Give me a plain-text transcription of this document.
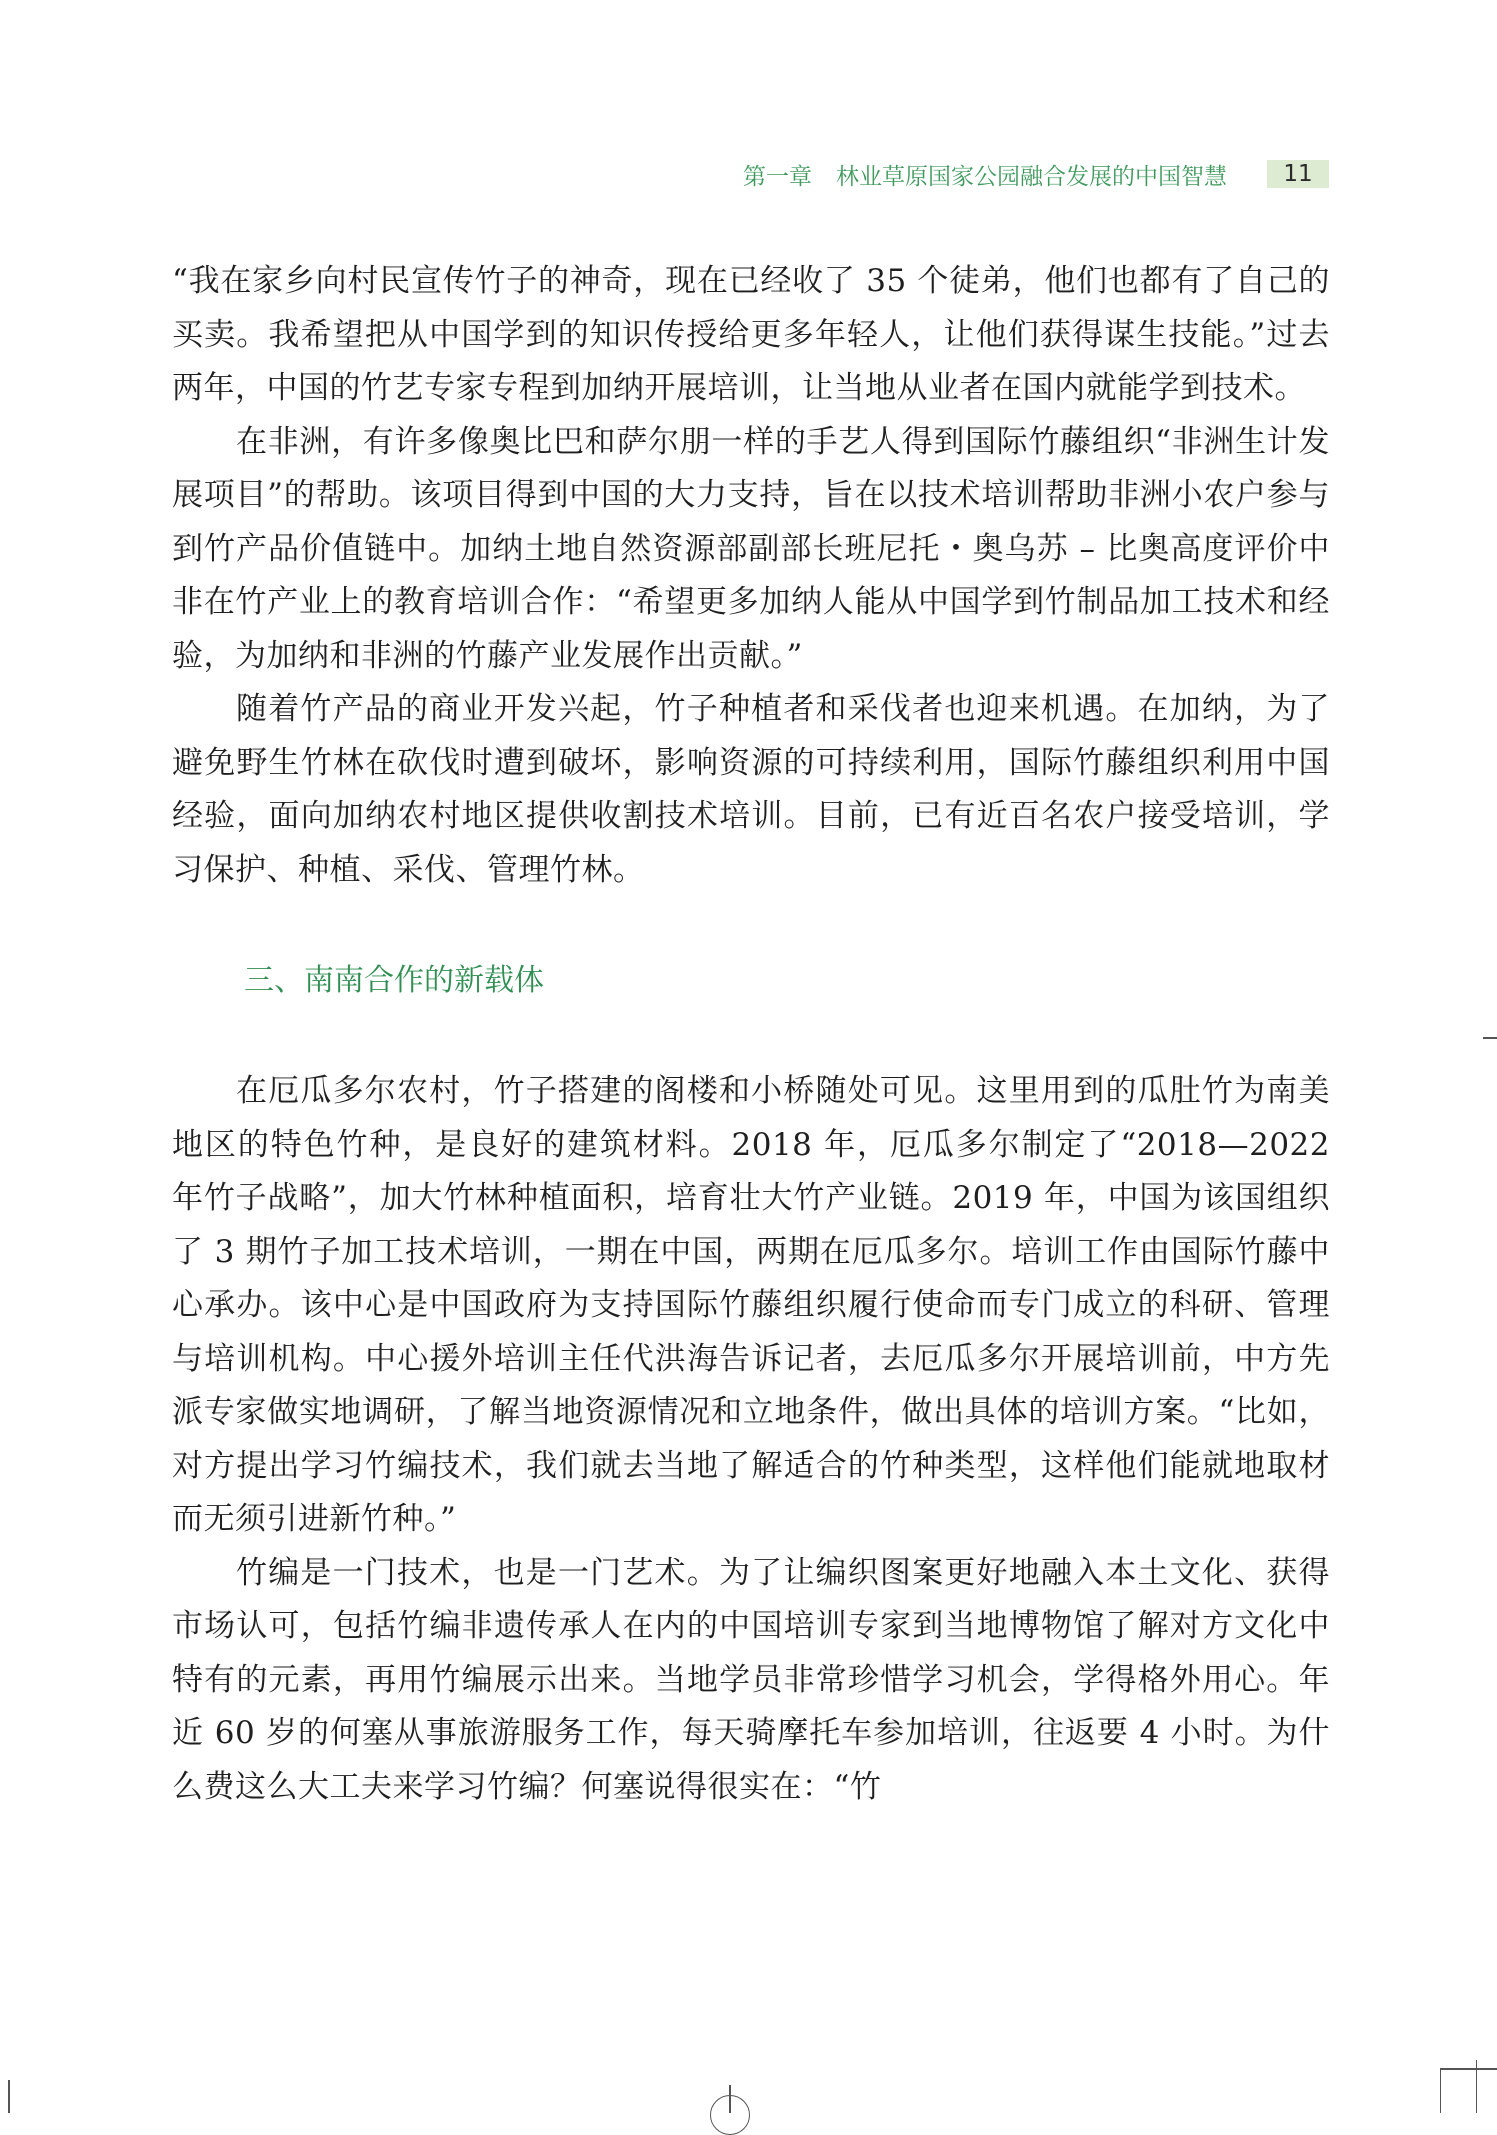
第一章 林业草原国家公园融合发展的中国智慧	11

“我在家乡向村民宣传竹子的神奇，现在已经收了 35 个徒弟，他们也都有了自己的买卖。我希望把从中国学到的知识传授给更多年轻人，让他们获得谋生技能。”过去两年，中国的竹艺专家专程到加纳开展培训，让当地从业者在国内就能学到技术。

在非洲，有许多像奥比巴和萨尔朋一样的手艺人得到国际竹藤组织“非洲生计发展项目”的帮助。该项目得到中国的大力支持，旨在以技术培训帮助非洲小农户参与到竹产品价值链中。加纳土地自然资源部副部长班尼托・奥乌苏 – 比奥高度评价中非在竹产业上的教育培训合作：“希望更多加纳人能从中国学到竹制品加工技术和经验，为加纳和非洲的竹藤产业发展作出贡献。”

随着竹产品的商业开发兴起，竹子种植者和采伐者也迎来机遇。在加纳，为了避免野生竹林在砍伐时遭到破坏，影响资源的可持续利用，国际竹藤组织利用中国经验，面向加纳农村地区提供收割技术培训。目前，已有近百名农户接受培训，学习保护、种植、采伐、管理竹林。

三、南南合作的新载体

在厄瓜多尔农村，竹子搭建的阁楼和小桥随处可见。这里用到的瓜肚竹为南美地区的特色竹种，是良好的建筑材料。2018 年，厄瓜多尔制定了“2018—2022 年竹子战略”，加大竹林种植面积，培育壮大竹产业链。2019 年，中国为该国组织了 3 期竹子加工技术培训，一期在中国，两期在厄瓜多尔。培训工作由国际竹藤中心承办。该中心是中国政府为支持国际竹藤组织履行使命而专门成立的科研、管理与培训机构。中心援外培训主任代洪海告诉记者，去厄瓜多尔开展培训前，中方先派专家做实地调研，了解当地资源情况和立地条件，做出具体的培训方案。“比如，对方提出学习竹编技术，我们就去当地了解适合的竹种类型，这样他们能就地取材而无须引进新竹种。”

竹编是一门技术，也是一门艺术。为了让编织图案更好地融入本土文化、获得市场认可，包括竹编非遗传承人在内的中国培训专家到当地博物馆了解对方文化中特有的元素，再用竹编展示出来。当地学员非常珍惜学习机会，学得格外用心。年近 60 岁的何塞从事旅游服务工作，每天骑摩托车参加培训，往返要 4 小时。为什么费这么大工夫来学习竹编？何塞说得很实在：“竹
